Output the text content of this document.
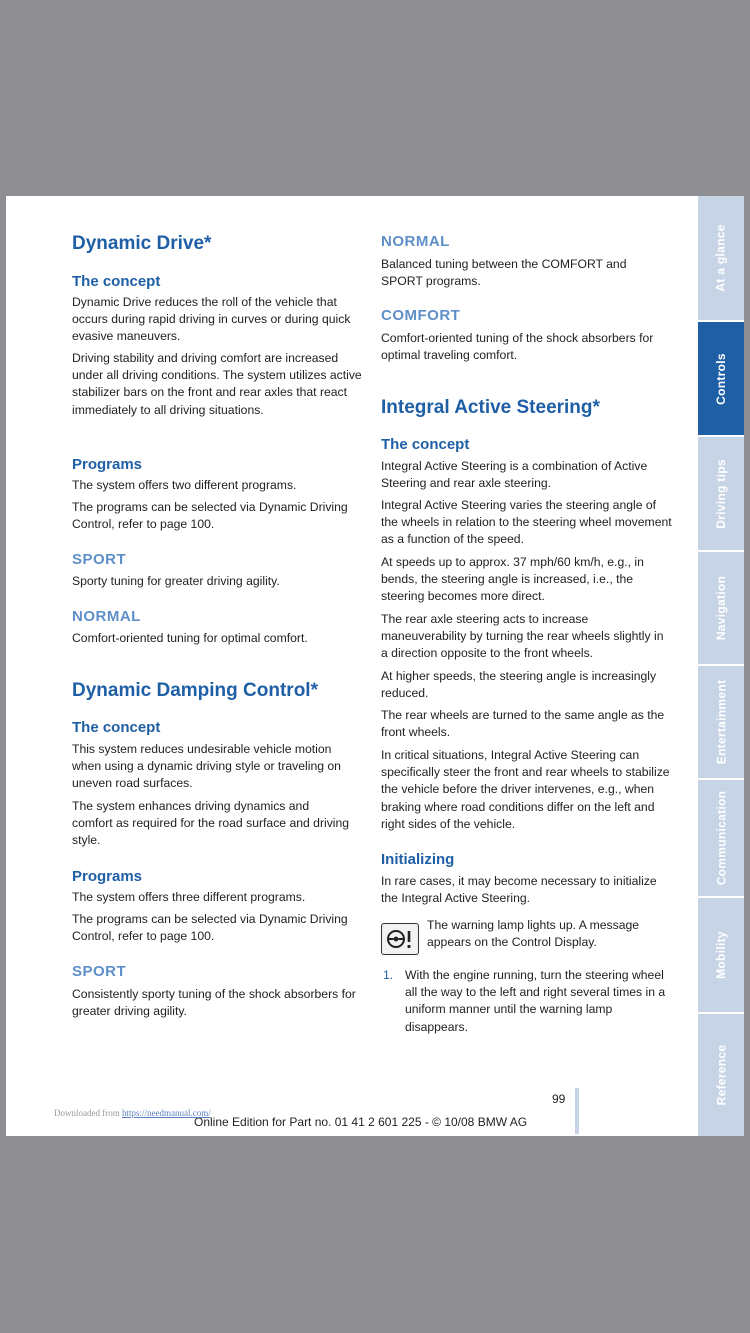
Dynamic Drive*
The concept
Dynamic Drive reduces the roll of the vehicle that occurs during rapid driving in curves or during quick evasive maneuvers.
Driving stability and driving comfort are increased under all driving conditions. The system utilizes active stabilizer bars on the front and rear axles that react immediately to all driving situations.
Programs
The system offers two different programs.
The programs can be selected via Dynamic Driving Control, refer to page 100.
SPORT
Sporty tuning for greater driving agility.
NORMAL
Comfort-oriented tuning for optimal comfort.
Dynamic Damping Control*
The concept
This system reduces undesirable vehicle motion when using a dynamic driving style or traveling on uneven road surfaces.
The system enhances driving dynamics and comfort as required for the road surface and driving style.
Programs
The system offers three different programs.
The programs can be selected via Dynamic Driving Control, refer to page 100.
SPORT
Consistently sporty tuning of the shock absorbers for greater driving agility.
NORMAL
Balanced tuning between the COMFORT and SPORT programs.
COMFORT
Comfort-oriented tuning of the shock absorbers for optimal traveling comfort.
Integral Active Steering*
The concept
Integral Active Steering is a combination of Active Steering and rear axle steering.
Integral Active Steering varies the steering angle of the wheels in relation to the steering wheel movement as a function of the speed.
At speeds up to approx. 37 mph/60 km/h, e.g., in bends, the steering angle is increased, i.e., the steering becomes more direct.
The rear axle steering acts to increase maneuverability by turning the rear wheels slightly in a direction opposite to the front wheels.
At higher speeds, the steering angle is increasingly reduced.
The rear wheels are turned to the same angle as the front wheels.
In critical situations, Integral Active Steering can specifically steer the front and rear wheels to stabilize the vehicle before the driver intervenes, e.g., when braking where road conditions differ on the left and right sides of the vehicle.
Initializing
In rare cases, it may become necessary to initialize the Integral Active Steering.
The warning lamp lights up. A message appears on the Control Display.
1. With the engine running, turn the steering wheel all the way to the left and right several times in a uniform manner until the warning lamp disappears.
At a glance
Controls
Driving tips
Navigation
Entertainment
Communication
Mobility
Reference
99
Online Edition for Part no. 01 41 2 601 225 - © 10/08 BMW AG
Downloaded from https://needmanual.com/
